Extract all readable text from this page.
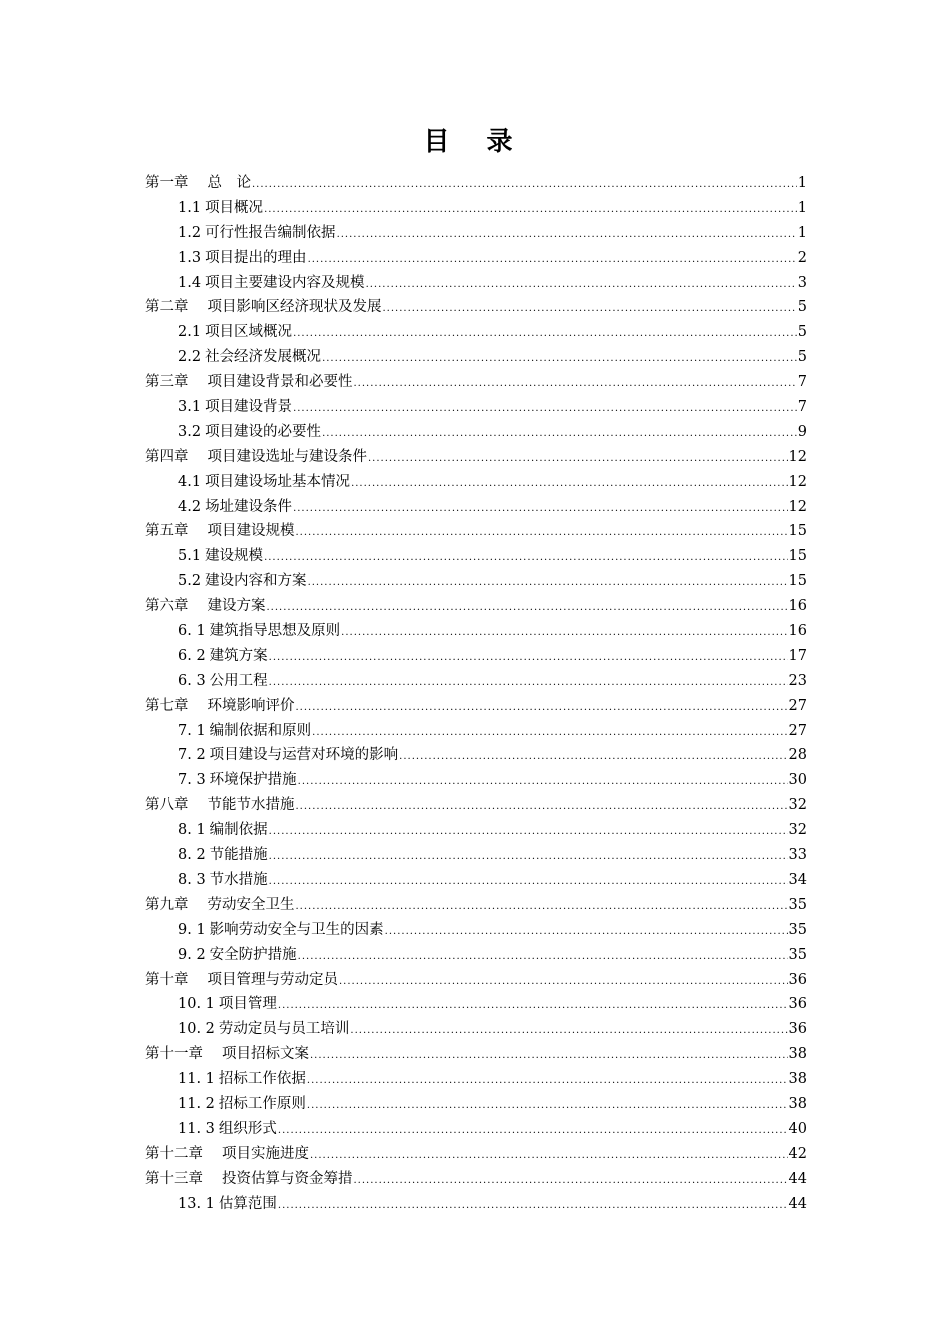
目 录
第一章 总　论 .....	1
1.1 项目概况 .....	1
1.2 可行性报告编制依据 .....	1
1.3 项目提出的理由 .....	2
1.4 项目主要建设内容及规模 .....	3
第二章 项目影响区经济现状及发展 .....	5
2.1 项目区域概况 .....	5
2.2 社会经济发展概况 .....	5
第三章 项目建设背景和必要性 .....	7
3.1 项目建设背景 .....	7
3.2 项目建设的必要性 .....	9
第四章 项目建设选址与建设条件 .....	12
4.1 项目建设场址基本情况 .....	12
4.2 场址建设条件 .....	12
第五章 项目建设规模 .....	15
5.1 建设规模 .....	15
5.2 建设内容和方案 .....	15
第六章 建设方案 .....	16
6. 1 建筑指导思想及原则 .....	16
6. 2 建筑方案 .....	17
6. 3 公用工程 .....	23
第七章 环境影响评价 .....	27
7. 1 编制依据和原则 .....	27
7. 2 项目建设与运营对环境的影响 .....	28
7. 3 环境保护措施 .....	30
第八章 节能节水措施 .....	32
8. 1 编制依据 .....	32
8. 2 节能措施 .....	33
8. 3 节水措施 .....	34
第九章 劳动安全卫生 .....	35
9. 1 影响劳动安全与卫生的因素 .....	35
9. 2 安全防护措施 .....	35
第十章 项目管理与劳动定员 .....	36
10. 1 项目管理 .....	36
10. 2 劳动定员与员工培训 .....	36
第十一章 项目招标文案 .....	38
11. 1 招标工作依据 .....	38
11. 2 招标工作原则 .....	38
11. 3 组织形式 .....	40
第十二章 项目实施进度 .....	42
第十三章 投资估算与资金筹措 .....	44
13. 1 估算范围 .....	44
